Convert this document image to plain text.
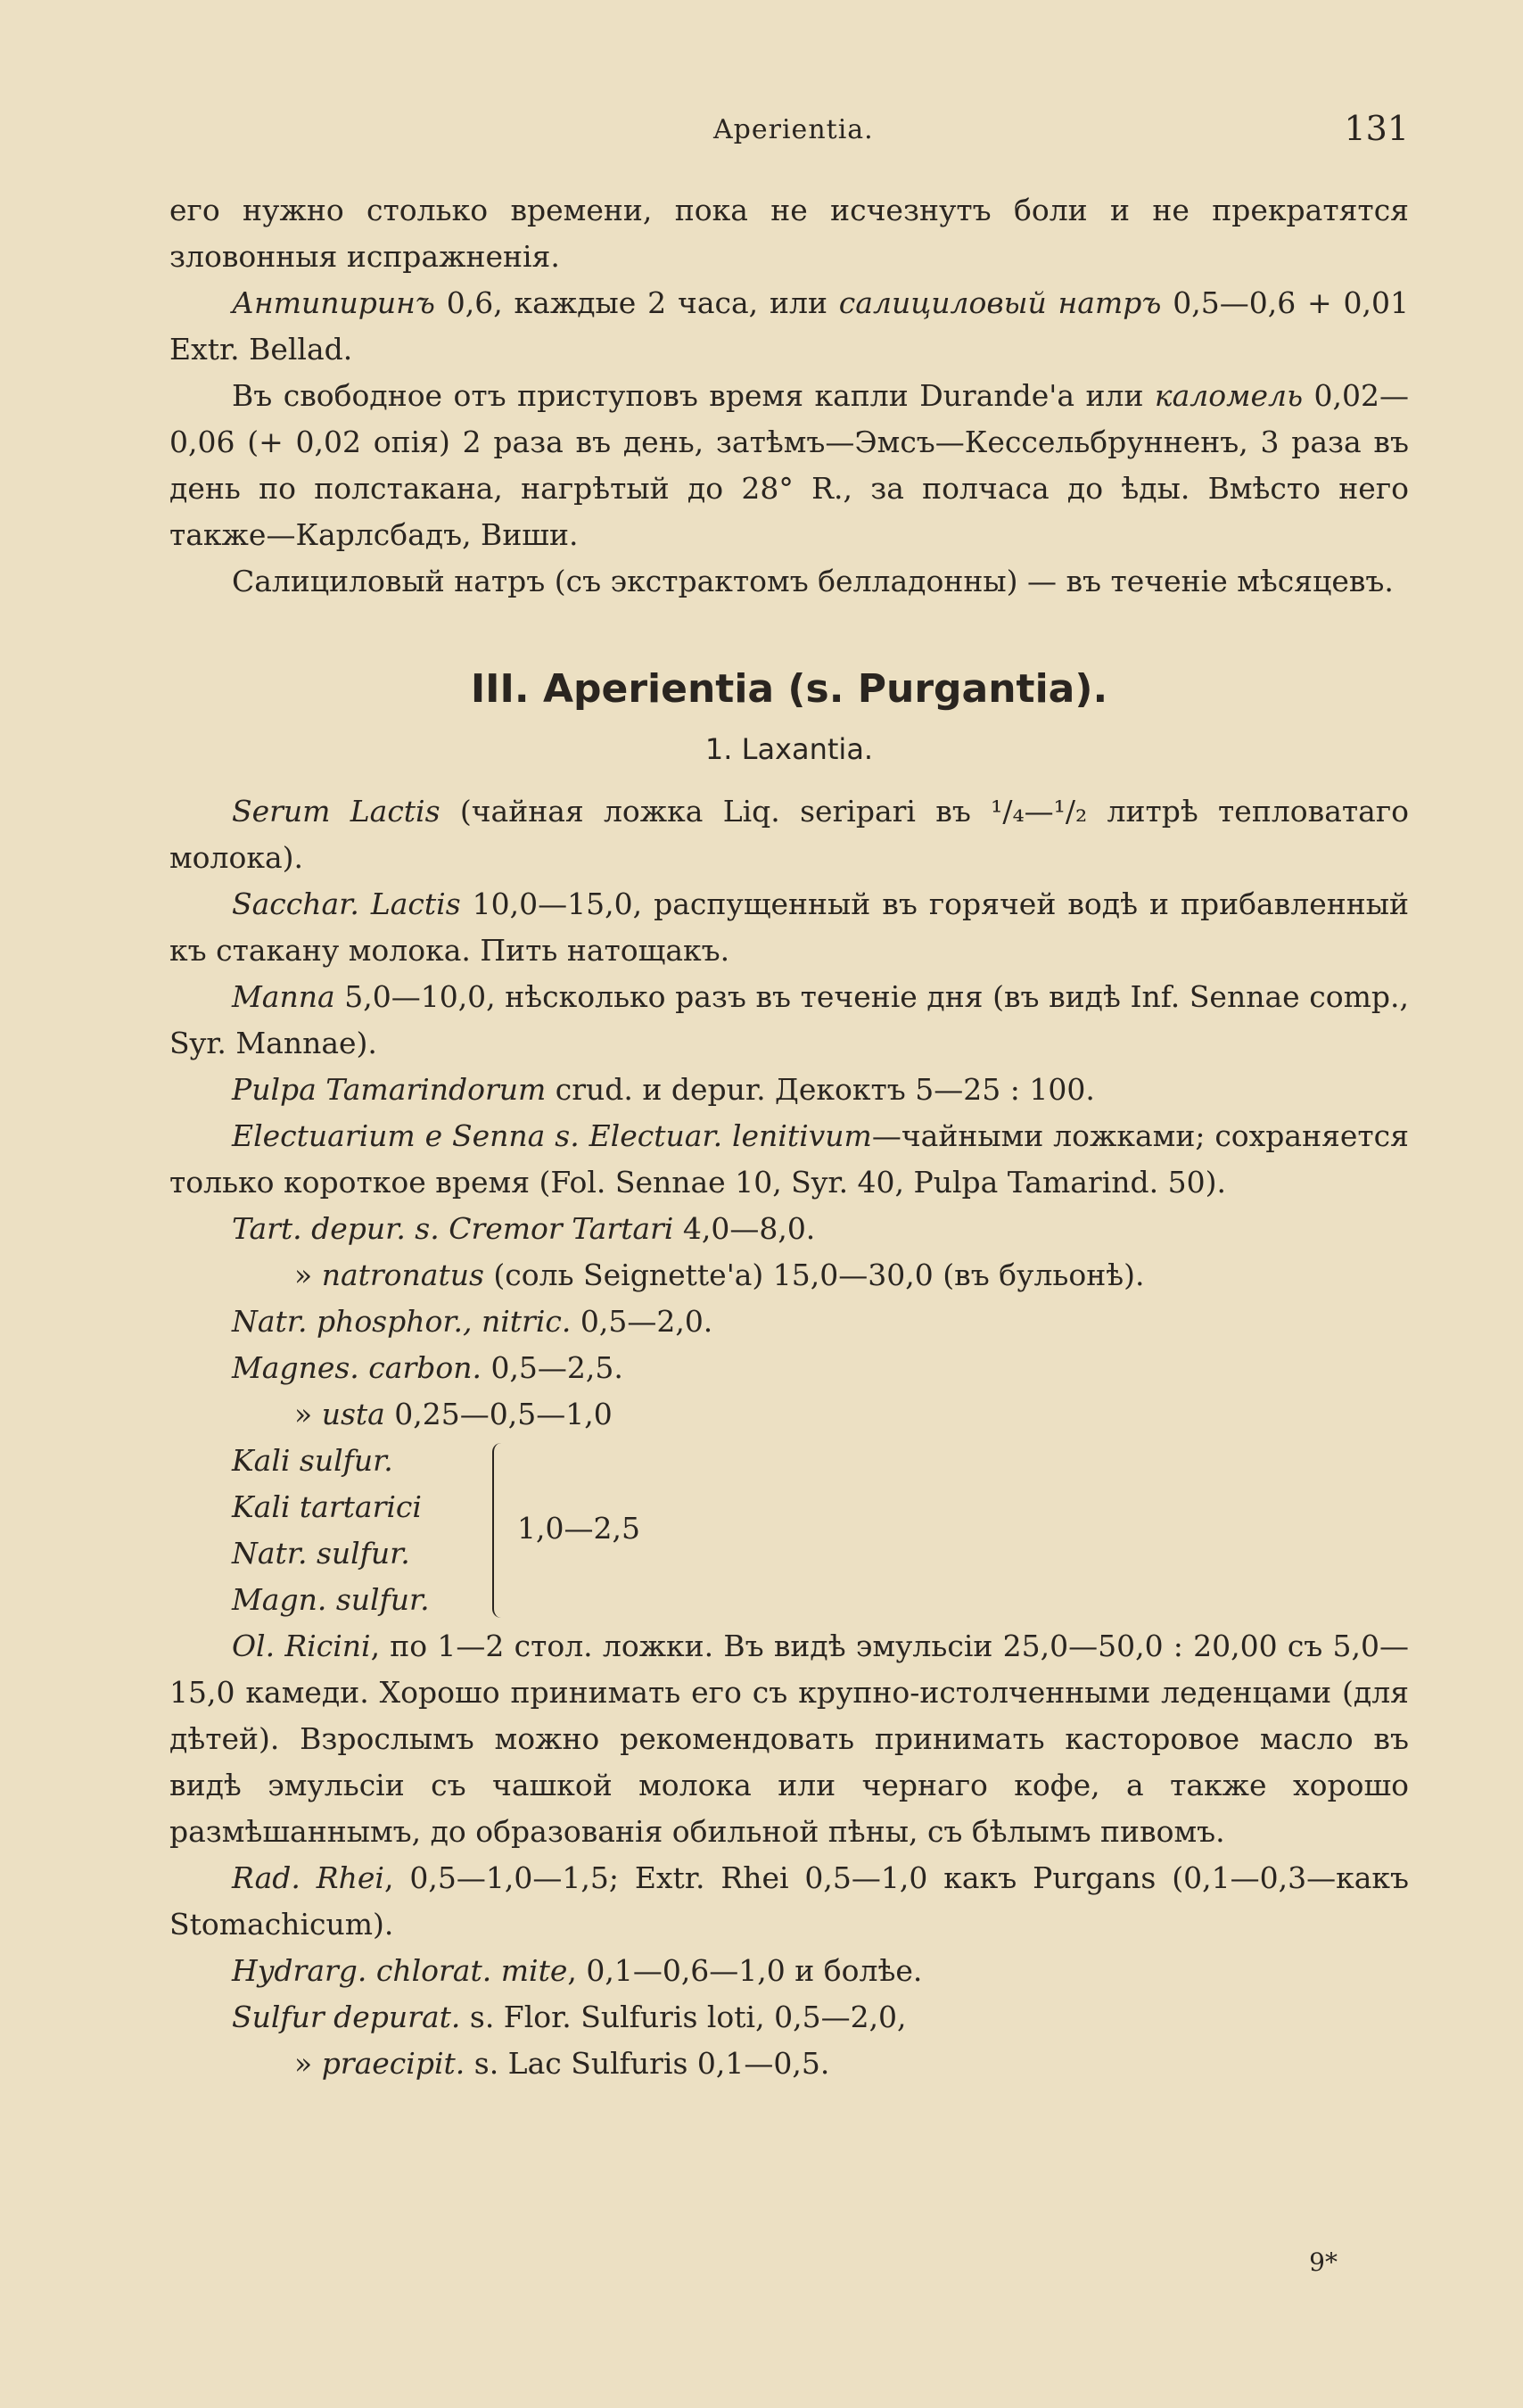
Aperientia.	131

его нужно столько времени, пока не исчезнутъ боли и не прекратятся зловонныя испражненія.

Антипиринъ 0,6, каждые 2 часа, или салициловый натръ 0,5—0,6 + 0,01 Extr. Bellad.

Въ свободное отъ приступовъ время капли Durande'a или каломель 0,02—0,06 (+ 0,02 опія) 2 раза въ день, затѣмъ—Эмсъ—Кессельбрунненъ, 3 раза въ день по полстакана, нагрѣтый до 28° R., за полчаса до ѣды. Вмѣсто него также—Карлсбадъ, Виши.

Салициловый натръ (съ экстрактомъ белладонны) — въ теченіе мѣсяцевъ.

III. Aperientia (s. Purgantia).
1. Laxantia.

Serum Lactis (чайная ложка Liq. seripari въ ¹/₄—¹/₂ литрѣ тепловатаго молока).

Sacchar. Lactis 10,0—15,0, распущенный въ горячей водѣ и прибавленный къ стакану молока. Пить натощакъ.

Manna 5,0—10,0, нѣсколько разъ въ теченіе дня (въ видѣ Inf. Sennae comp., Syr. Mannae).

Pulpa Tamarindorum crud. и depur. Декоктъ 5—25 : 100.

Electuarium e Senna s. Electuar. lenitivum—чайными ложками; сохраняется только короткое время (Fol. Sennae 10, Syr. 40, Pulpa Tamarind. 50).

Tart. depur. s. Cremor Tartari 4,0—8,0.

» natronatus (соль Seignette'a) 15,0—30,0 (въ бульонѣ).

Natr. phosphor., nitric. 0,5—2,0.

Magnes. carbon. 0,5—2,5.

» usta 0,25—0,5—1,0

Kali sulfur.
Kali tartarici
Natr. sulfur.
Magn. sulfur.
1,0—2,5

Ol. Ricini, по 1—2 стол. ложки. Въ видѣ эмульсіи 25,0—50,0 : 20,00 съ 5,0—15,0 камеди. Хорошо принимать его съ крупно-истолченными леденцами (для дѣтей). Взрослымъ можно рекомендовать принимать касторовое масло въ видѣ эмульсіи съ чашкой молока или чернаго кофе, а также хорошо размѣшаннымъ, до образованія обильной пѣны, съ бѣлымъ пивомъ.

Rad. Rhei, 0,5—1,0—1,5; Extr. Rhei 0,5—1,0 какъ Purgans (0,1—0,3—какъ Stomachicum).

Hydrarg. chlorat. mite, 0,1—0,6—1,0 и болѣе.

Sulfur depurat. s. Flor. Sulfuris loti, 0,5—2,0,

» praecipit. s. Lac Sulfuris 0,1—0,5.

9*
